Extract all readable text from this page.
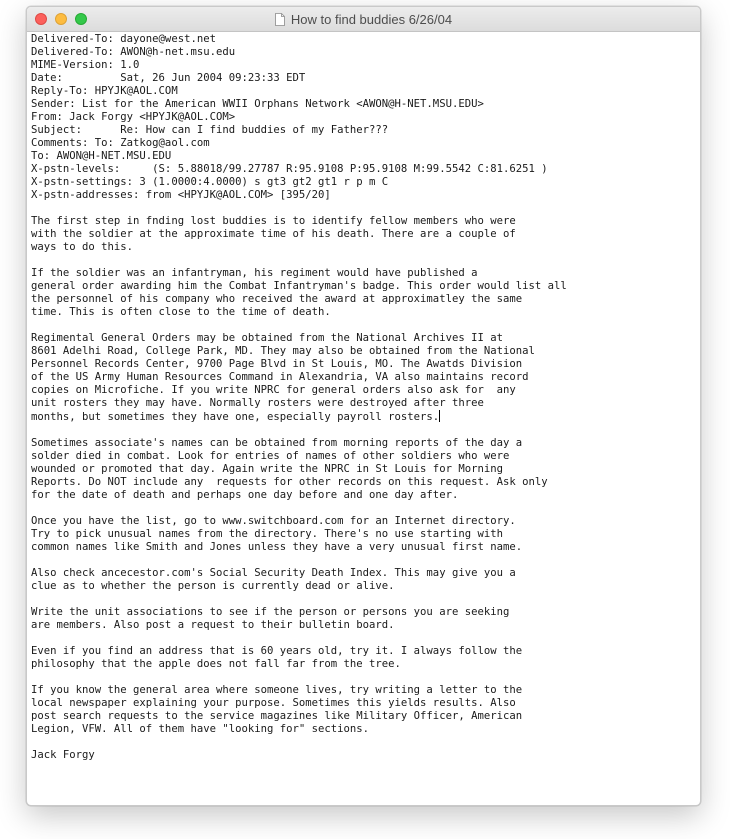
How to find buddies 6/26/04
Delivered-To: dayone@west.net
Delivered-To: AWON@h-net.msu.edu
MIME-Version: 1.0
Date:         Sat, 26 Jun 2004 09:23:33 EDT
Reply-To: HPYJK@AOL.COM
Sender: List for the American WWII Orphans Network <AWON@H-NET.MSU.EDU>
From: Jack Forgy <HPYJK@AOL.COM>
Subject:      Re: How can I find buddies of my Father???
Comments: To: Zatkog@aol.com
To: AWON@H-NET.MSU.EDU
X-pstn-levels:     (S: 5.88018/99.27787 R:95.9108 P:95.9108 M:99.5542 C:81.6251 )
X-pstn-settings: 3 (1.0000:4.0000) s gt3 gt2 gt1 r p m C
X-pstn-addresses: from <HPYJK@AOL.COM> [395/20]

The first step in fnding lost buddies is to identify fellow members who were
with the soldier at the approximate time of his death. There are a couple of
ways to do this.

If the soldier was an infantryman, his regiment would have published a
general order awarding him the Combat Infantryman's badge. This order would list all
the personnel of his company who received the award at approximatley the same
time. This is often close to the time of death.

Regimental General Orders may be obtained from the National Archives II at
8601 Adelhi Road, College Park, MD. They may also be obtained from the National
Personnel Records Center, 9700 Page Blvd in St Louis, MO. The Awatds Division
of the US Army Human Resources Command in Alexandria, VA also maintains record
copies on Microfiche. If you write NPRC for general orders also ask for  any
unit rosters they may have. Normally rosters were destroyed after three
months, but sometimes they have one, especially payroll rosters.

Sometimes associate's names can be obtained from morning reports of the day a
solder died in combat. Look for entries of names of other soldiers who were
wounded or promoted that day. Again write the NPRC in St Louis for Morning
Reports. Do NOT include any  requests for other records on this request. Ask only
for the date of death and perhaps one day before and one day after.

Once you have the list, go to www.switchboard.com for an Internet directory.
Try to pick unusual names from the directory. There's no use starting with
common names like Smith and Jones unless they have a very unusual first name.

Also check ancecestor.com's Social Security Death Index. This may give you a
clue as to whether the person is currently dead or alive.

Write the unit associations to see if the person or persons you are seeking
are members. Also post a request to their bulletin board.

Even if you find an address that is 60 years old, try it. I always follow the
philosophy that the apple does not fall far from the tree.

If you know the general area where someone lives, try writing a letter to the
local newspaper explaining your purpose. Sometimes this yields results. Also
post search requests to the service magazines like Military Officer, American
Legion, VFW. All of them have "looking for" sections.

Jack Forgy
